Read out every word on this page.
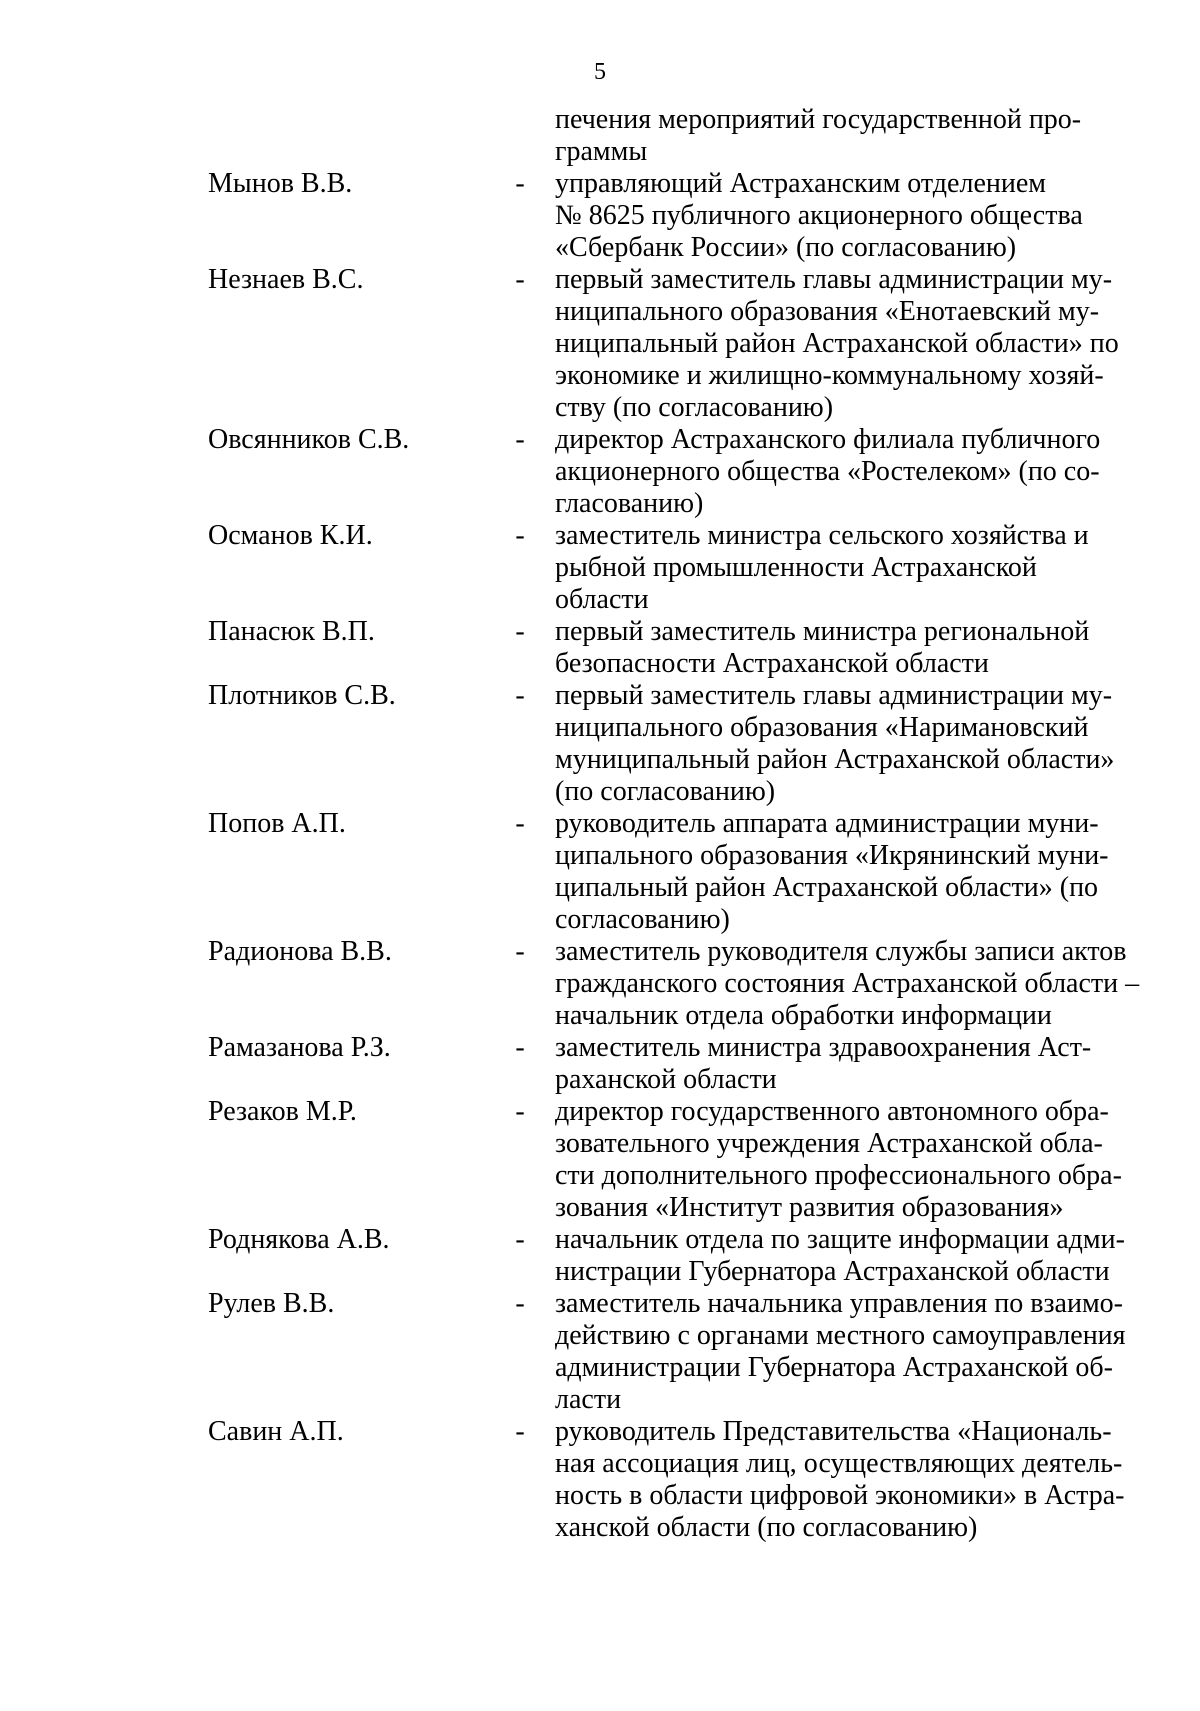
5
печения мероприятий государственной про-
граммы
Мынов В.В.	- управляющий Астраханским отделением
№ 8625 публичного акционерного общества
«Сбербанк России» (по согласованию)
Незнаев В.С.	- первый заместитель главы администрации му-
ниципального образования «Енотаевский му-
ниципальный район Астраханской области» по
экономике и жилищно-коммунальному хозяй-
ству (по согласованию)
Овсянников С.В.	- директор Астраханского филиала публичного
акционерного общества «Ростелеком» (по со-
гласованию)
Османов К.И.	- заместитель министра сельского хозяйства и
рыбной промышленности Астраханской
области
Панасюк В.П.	- первый заместитель министра региональной
безопасности Астраханской области
Плотников С.В.	- первый заместитель главы администрации му-
ниципального образования «Наримановский
муниципальный район Астраханской области»
(по согласованию)
Попов А.П.	- руководитель аппарата администрации муни-
ципального образования «Икрянинский муни-
ципальный район Астраханской области» (по
согласованию)
Радионова В.В.	- заместитель руководителя службы записи актов
гражданского состояния Астраханской области –
начальник отдела обработки информации
Рамазанова Р.З.	- заместитель министра здравоохранения Аст-
раханской области
Резаков М.Р.	- директор государственного автономного обра-
зовательного учреждения Астраханской обла-
сти дополнительного профессионального обра-
зования «Институт развития образования»
Роднякова А.В.	- начальник отдела по защите информации адми-
нистрации Губернатора Астраханской области
Рулев В.В.	- заместитель начальника управления по взаимо-
действию с органами местного самоуправления
администрации Губернатора Астраханской об-
ласти
Савин А.П.	- руководитель Представительства «Националь-
ная ассоциация лиц, осуществляющих деятель-
ность в области цифровой экономики» в Астра-
ханской области (по согласованию)
